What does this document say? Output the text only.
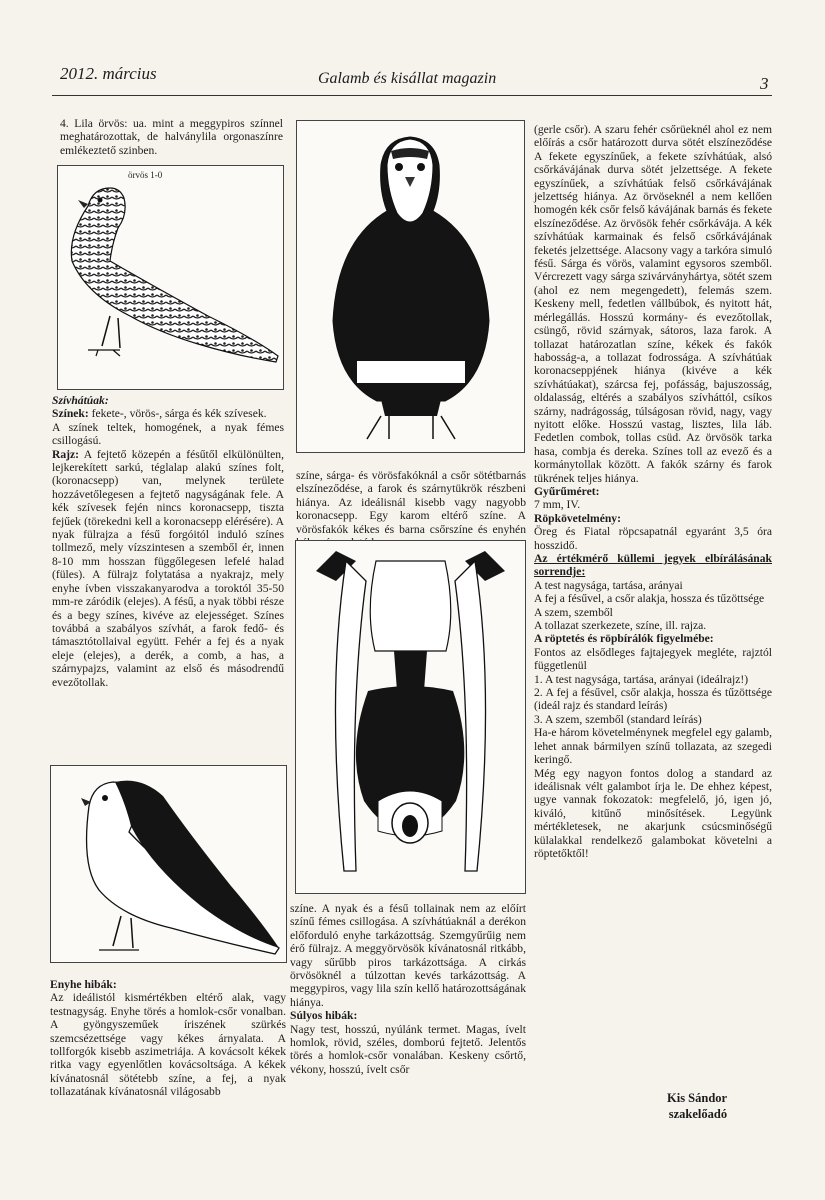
2012. március	Galamb és kisállat magazin	3

4. Lila örvös: ua. mint a meggypiros színnel meghatározottak, de halványlila orgonaszínre emlékeztető szinben.

örvös 1-0

Szívhátúak:

Színek: fekete-, vörös-, sárga és kék szívesek.

A színek teltek, homogének, a nyak fémes csillogású.

Rajz: A fejtető közepén a fésűtől elkülönülten, lejkerekített sarkú, téglalap alakú színes folt, (koronacsepp) van, melynek területe hozzávetőlegesen a fejtető nagyságának fele. A kék szívesek fején nincs koronacsepp, tiszta fejűek (törekedni kell a koronacsepp elérésére). A nyak fülrajza a fésű forgóitól induló színes tollmező, mely vízszintesen a szemből ér, innen 8-10 mm hosszan függőlegesen lefelé halad (füles). A fülrajz folytatása a nyakrajz, mely enyhe ívben visszakanyarodva a toroktól 35-50 mm-re záródik (elejes). A fésű, a nyak többi része és a begy színes, kivéve az elejességet. Színes továbbá a szabályos szívhát, a farok fedő- és támasztótollaival együtt. Fehér a fej és a nyak eleje (elejes), a derék, a comb, a has, a szárnypajzs, valamint az első és másodrendű evezőtollak.

Enyhe hibák:

Az ideálistól kismértékben eltérő alak, vagy testnagyság. Enyhe törés a homlok-csőr vonalban. A gyöngyszeműek íriszének szürkés szemcsézettsége vagy kékes árnyalata. A tollforgók kisebb aszimetriája. A kovácsolt kékek ritka vagy egyenlőtlen kovácsoltsága. A kékek kívánatosnál sötétebb színe, a fej, a nyak tollazatának kívánatosnál világosabb

színe, sárga- és vörösfakóknál a csőr sötétbarnás elszíneződése, a farok és szárnytükrök részbeni hiánya. Az ideálisnál kisebb vagy nagyobb koronacsepp. Egy karom eltérő színe. A vörösfakók kékes és barna csőrszíne és enyhén

színe. A nyak és a fésű tollainak nem az előírt színű fémes csillogása. A szívhátúaknál a derékon előforduló enyhe tarkázottság. Szemgyűrűig nem érő fülrajz. A meggyörvösök kívánatosnál ritkább, vagy sűrűbb piros tarkázottsága. A cirkás örvösöknél a túlzottan kevés tarkázottság. A meggypiros, vagy lila szín kellő határozottságának hiánya.

Súlyos hibák:

Nagy test, hosszú, nyúlánk termet. Magas, ívelt homlok, rövid, széles, domború fejtető. Jelentős törés a homlok-csőr vonalában. Keskeny csőrtő, vékony, hosszú, ívelt csőr

(gerle csőr). A szaru fehér csőrüeknél ahol ez nem előírás a csőr határozott durva sötét elszíneződése A fekete egyszínűek, a fekete szívhátúak, alsó csőrkávájának durva sötét jelzettsége. A fekete egyszínűek, a szívhátúak felső csőrkávájának jelzettség hiánya. Az örvöseknél a nem kellően homogén kék csőr felső kávájának barnás és fekete elszíneződése. Az örvösök fehér csőrkávája. A kék szívhátúak karmainak és felső csőrkávájának feketés jelzettsége. Alacsony vagy a tarkóra simuló fésű. Sárga és vörös, valamint egysoros szemből. Vércrezett vagy sárga szivárványhártya, sötét szem (ahol ez nem megengedett), felemás szem. Keskeny mell, fedetlen vállbúbok, és nyitott hát, mérlegállás. Hosszú kormány- és evezőtollak, csüngő, rövid szárnyak, sátoros, laza farok. A tollazat határozatlan színe, kékek és fakók habosság-a, a tollazat fodrossága. A szívhátúak koronacseppjének hiánya (kivéve a kék szívhátúakat), szárcsa fej, pofásság, bajuszosság, oldalasság, eltérés a szabályos szívháttól, csíkos szárny, nadrágosság, túlságosan rövid, nagy, vagy nyitott előke. Hosszú vastag, lisztes, lila láb. Fedetlen combok, tollas csüd. Az örvösök tarka hasa, combja és dereka. Színes toll az evező és a kormánytollak között. A fakók szárny és farok tükrének teljes hiánya.

Gyűrűméret:

7 mm, IV.

Röpkövetelmény:

Öreg és Fiatal röpcsapatnál egyaránt 3,5 óra hosszidő.

Az értékmérő küllemi jegyek elbírálásának sorrendje:

A test nagysága, tartása, arányai

A fej a fésűvel, a csőr alakja, hossza és tűzöttsége

A szem, szemből

A tollazat szerkezete, színe, ill. rajza.

A röptetés és röpbírálók figyelmébe:

Fontos az elsődleges fajtajegyek megléte, rajztól függetlenül

1. A test nagysága, tartása, arányai (ideálrajz!)

2. A fej a fésűvel, csőr alakja, hossza és tűzöttsége (ideál rajz és standard leírás)

3. A szem, szemből (standard leírás)

Ha-e három követelménynek megfelel egy galamb, lehet annak bármilyen színű tollazata, az szegedi keringő.

Még egy nagyon fontos dolog a standard az ideálisnak vélt galambot írja le. De ehhez képest, ugye vannak fokozatok: megfelelő, jó, igen jó, kiváló, kitűnő minősítések. Legyünk mértékletesek, ne akarjunk csúcsminőségű külalakkal rendelkező galambokat követelni a röptetőktől!

Kis Sándor
szakelőadó
